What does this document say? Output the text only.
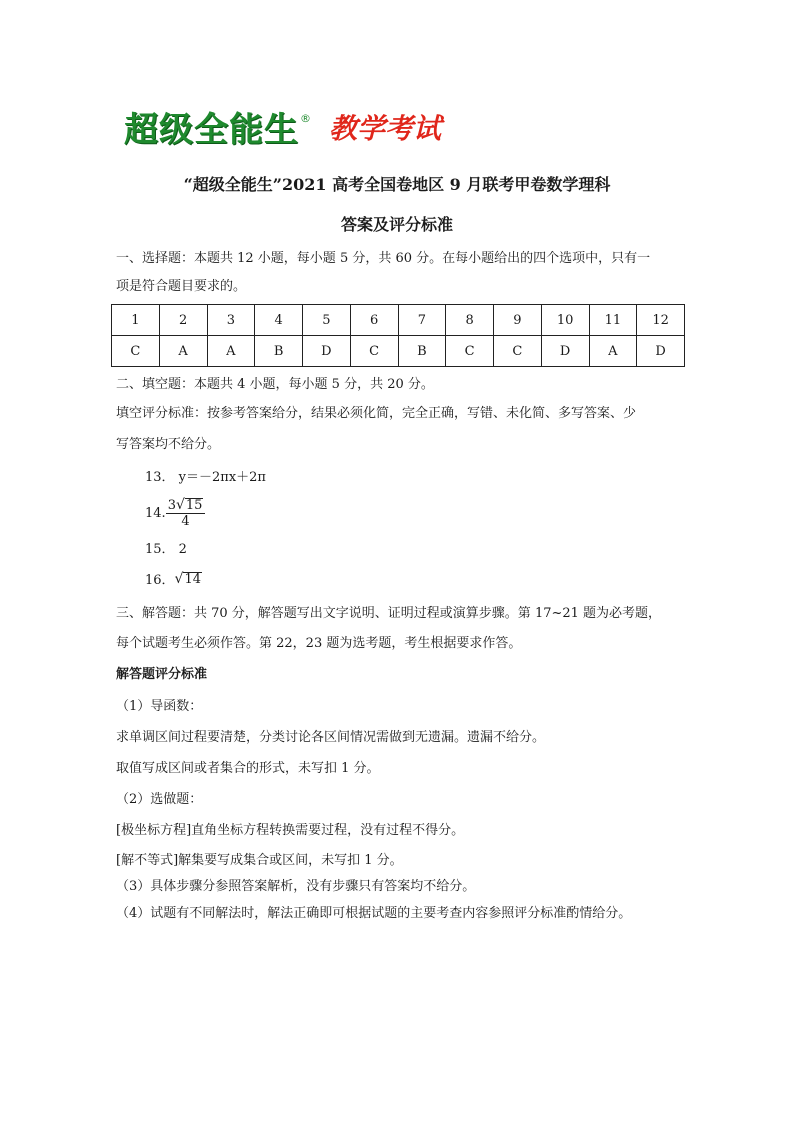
超级全能生 ® 教学考试
“超级全能生”2021 高考全国卷地区 9 月联考甲卷数学理科
答案及评分标准
一、选择题：本题共 12 小题，每小题 5 分，共 60 分。在每小题给出的四个选项中，只有一
项是符合题目要求的。
1	2	3	4	5	6	7	8	9	10	11	12
C	A	A	B	D	C	B	C	C	D	A	D
二、填空题：本题共 4 小题，每小题 5 分，共 20 分。
填空评分标准：按参考答案给分，结果必须化简，完全正确，写错、未化简、多写答案、少
写答案均不给分。
13． y＝－2πx＋2π
14. $\frac{3 √ 15}{4}$
15． 2
16． √ 14
三、解答题：共 70 分，解答题写出文字说明、证明过程或演算步骤。第 17~21 题为必考题，
每个试题考生必须作答。第 22，23 题为选考题，考生根据要求作答。
解答题评分标准
（1）导函数：
求单调区间过程要清楚，分类讨论各区间情况需做到无遗漏。遗漏不给分。
取值写成区间或者集合的形式，未写扣 1 分。
（2）选做题：
[极坐标方程]直角坐标方程转换需要过程，没有过程不得分。
[解不等式]解集要写成集合或区间，未写扣 1 分。
（3）具体步骤分参照答案解析，没有步骤只有答案均不给分。
（4）试题有不同解法时，解法正确即可根据试题的主要考查内容参照评分标准酌情给分。
